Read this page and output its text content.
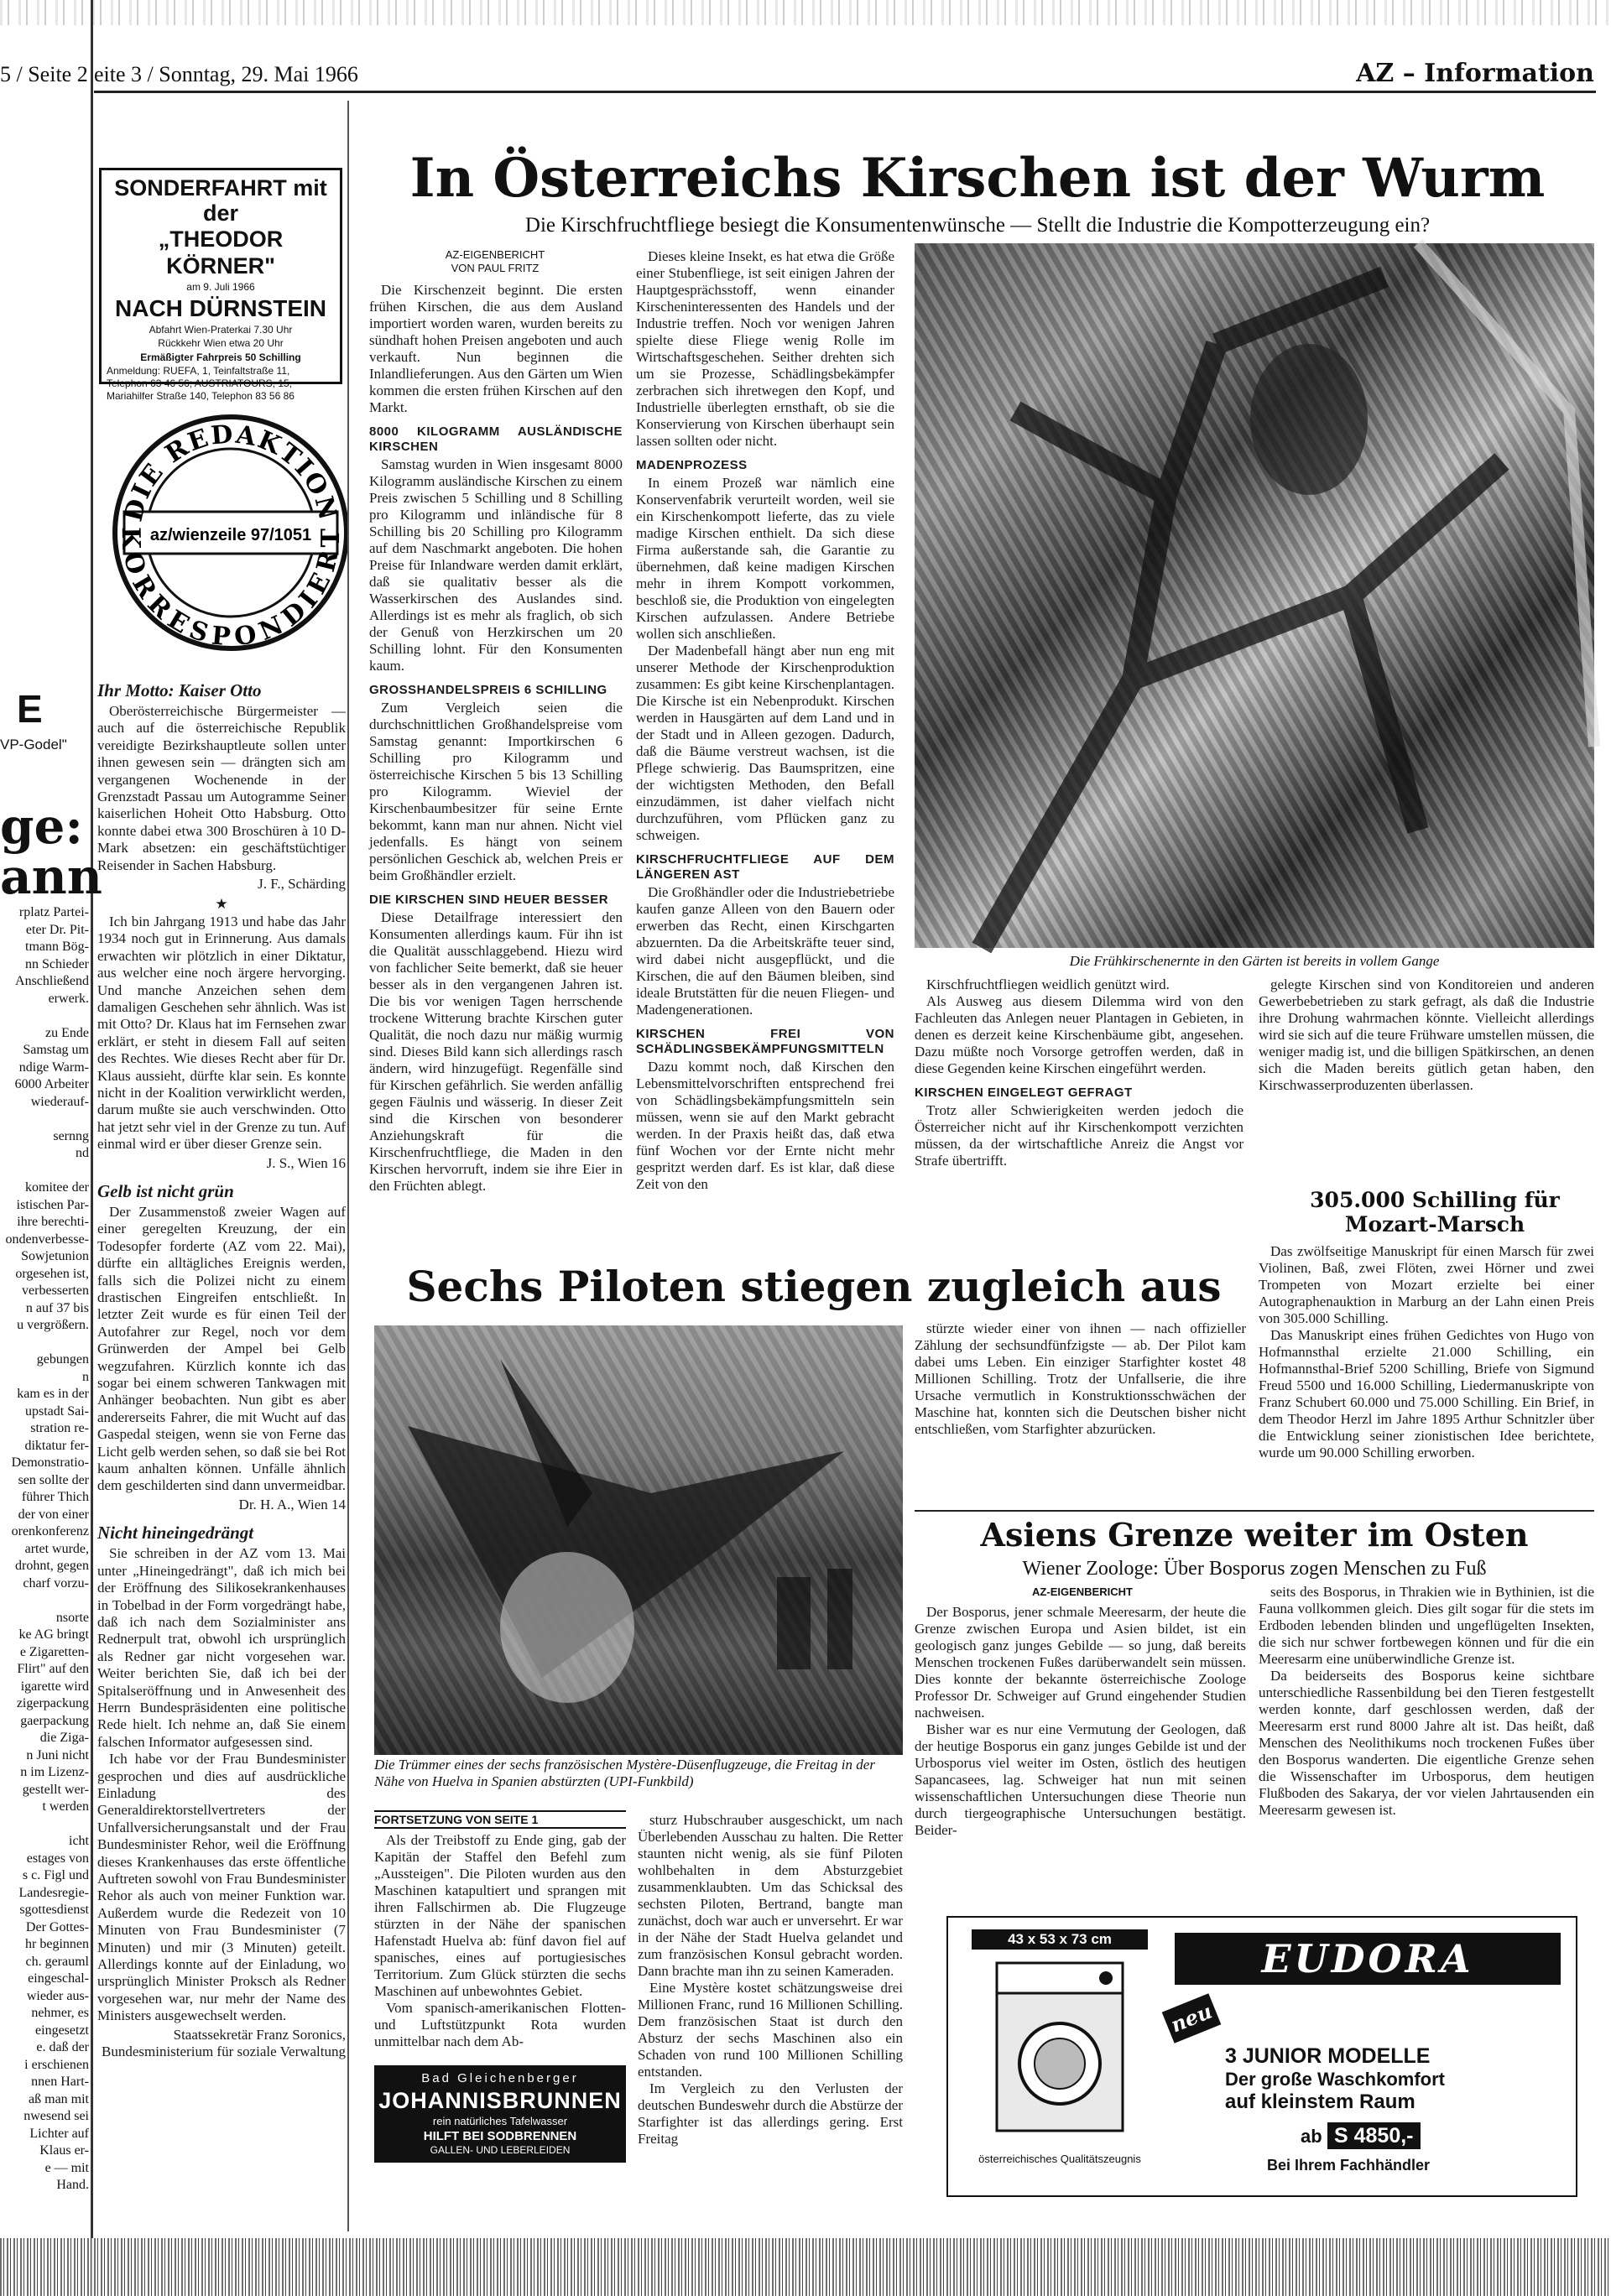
5 / Seite 2 eite 3 / Sonntag, 29. Mai 1966	AZ – Information
E
VP-Godel"
ge:
ann
rplatz Partei-
eter Dr. Pit-
tmann Bög-
nn Schieder
Anschließend
erwerk.
zu Ende
Samstag um
ndige Warm-
6000 Arbeiter
wiederauf-
sernng
nd
komitee der
istischen Par-
ihre berechti-
ondenverbesse-
Sowjetunion
orgesehen ist,
verbesserten
n auf 37 bis
u vergrößern.
gebungen
n
kam es in der
upstadt Sai-
stration re-
diktatur fer-
Demonstratio-
sen sollte der
führer Thich
der von einer
orenkonferenz
artet wurde,
drohnt, gegen
charf vorzu-
nsorte
ke AG bringt
e Zigaretten-
Flirt" auf den
igarette wird
zigerpackung
gaerpackung
die Ziga-
n Juni nicht
n im Lizenz-
gestellt wer-
t werden
icht
estages von
s c. Figl und
Landesregie-
sgottesdienst
Der Gottes-
hr beginnen
ch. gerauml
eingeschal-
wieder aus-
nehmer, es
eingesetzt
e. daß der
i erschienen
nnen Hart-
aß man mit
nwesend sei
Lichter auf
Klaus er-
e — mit
Hand.
SONDERFAHRT mit der
„THEODOR KÖRNER"
am 9. Juli 1966
NACH DÜRNSTEIN
Abfahrt Wien-Praterkai 7.30 Uhr
Rückkehr Wien etwa 20 Uhr
Ermäßigter Fahrpreis 50 Schilling
Anmeldung: RUEFA, 1, Teinfaltstraße 11,
Telephon 63 46 56; AUSTRIATOURS, 15,
Mariahilfer Straße 140, Telephon 83 56 86
DIE REDAKTION
KORRESPONDIERT
az/wienzeile 97/1051
Ihr Motto: Kaiser Otto

Oberösterreichische Bürgermeister — auch auf die österreichische Republik vereidigte Bezirkshauptleute sollen unter ihnen gewesen sein — drängten sich am vergangenen Wochenende in der Grenzstadt Passau um Autogramme Seiner kaiserlichen Hoheit Otto Habsburg. Otto konnte dabei etwa 300 Broschüren à 10 D-Mark absetzen: ein geschäftstüchtiger Reisender in Sachen Habsburg.

J. F., Schärding
★

Ich bin Jahrgang 1913 und habe das Jahr 1934 noch gut in Erinnerung. Aus damals erwachten wir plötzlich in einer Diktatur, aus welcher eine noch ärgere hervorging. Und manche Anzeichen sehen dem damaligen Geschehen sehr ähnlich. Was ist mit Otto? Dr. Klaus hat im Fernsehen zwar erklärt, er steht in diesem Fall auf seiten des Rechtes. Wie dieses Recht aber für Dr. Klaus aussieht, dürfte klar sein. Es konnte nicht in der Koalition verwirklicht werden, darum mußte sie auch verschwinden. Otto hat jetzt sehr viel in der Grenze zu tun. Auf einmal wird er über dieser Grenze sein.

J. S., Wien 16
Gelb ist nicht grün

Der Zusammenstoß zweier Wagen auf einer geregelten Kreuzung, der ein Todesopfer forderte (AZ vom 22. Mai), dürfte ein alltägliches Ereignis werden, falls sich die Polizei nicht zu einem drastischen Eingreifen entschließt. In letzter Zeit wurde es für einen Teil der Autofahrer zur Regel, noch vor dem Grünwerden der Ampel bei Gelb wegzufahren. Kürzlich konnte ich das sogar bei einem schweren Tankwagen mit Anhänger beobachten. Nun gibt es aber andererseits Fahrer, die mit Wucht auf das Gaspedal steigen, wenn sie von Ferne das Licht gelb werden sehen, so daß sie bei Rot kaum anhalten können. Unfälle ähnlich dem geschilderten sind dann unvermeidbar.

Dr. H. A., Wien 14
Nicht hineingedrängt

Sie schreiben in der AZ vom 13. Mai unter „Hineingedrängt", daß ich mich bei der Eröffnung des Silikosekrankenhauses in Tobelbad in der Form vorgedrängt habe, daß ich nach dem Sozialminister ans Rednerpult trat, obwohl ich ursprünglich als Redner gar nicht vorgesehen war. Weiter berichten Sie, daß ich bei der Spitalseröffnung und in Anwesenheit des Herrn Bundespräsidenten eine politische Rede hielt. Ich nehme an, daß Sie einem falschen Informator aufgesessen sind.

Ich habe vor der Frau Bundesminister gesprochen und dies auf ausdrückliche Einladung des Generaldirektorstellvertreters der Unfallversicherungsanstalt und der Frau Bundesminister Rehor, weil die Eröffnung dieses Krankenhauses das erste öffentliche Auftreten sowohl von Frau Bundesminister Rehor als auch von meiner Funktion war. Außerdem wurde die Redezeit von 10 Minuten von Frau Bundesminister (7 Minuten) und mir (3 Minuten) geteilt. Allerdings konnte auf der Einladung, wo ursprünglich Minister Proksch als Redner vorgesehen war, nur mehr der Name des Ministers ausgewechselt werden.

Staatssekretär Franz Soronics, Bundesministerium für soziale Verwaltung
In Österreichs Kirschen ist der Wurm
Die Kirschfruchtfliege besiegt die Konsumentenwünsche — Stellt die Industrie die Kompotterzeugung ein?
AZ-EIGENBERICHT
VON PAUL FRITZ

Die Kirschenzeit beginnt. Die ersten frühen Kirschen, die aus dem Ausland importiert worden waren, wurden bereits zu sündhaft hohen Preisen angeboten und auch verkauft. Nun beginnen die Inlandlieferungen. Aus den Gärten um Wien kommen die ersten frühen Kirschen auf den Markt.

8000 KILOGRAMM AUSLÄNDISCHE KIRSCHEN

Samstag wurden in Wien insgesamt 8000 Kilogramm ausländische Kirschen zu einem Preis zwischen 5 Schilling und 8 Schilling pro Kilogramm und inländische für 8 Schilling bis 20 Schilling pro Kilogramm auf dem Naschmarkt angeboten. Die hohen Preise für Inlandware werden damit erklärt, daß sie qualitativ besser als die Wasserkirschen des Auslandes sind. Allerdings ist es mehr als fraglich, ob sich der Genuß von Herzkirschen um 20 Schilling lohnt. Für den Konsumenten kaum.

GROSSHANDELSPREIS 6 SCHILLING

Zum Vergleich seien die durchschnittlichen Großhandelspreise vom Samstag genannt: Importkirschen 6 Schilling pro Kilogramm und österreichische Kirschen 5 bis 13 Schilling pro Kilogramm. Wieviel der Kirschenbaumbesitzer für seine Ernte bekommt, kann man nur ahnen. Nicht viel jedenfalls. Es hängt von seinem persönlichen Geschick ab, welchen Preis er beim Großhändler erzielt.

DIE KIRSCHEN SIND HEUER BESSER

Diese Detailfrage interessiert den Konsumenten allerdings kaum. Für ihn ist die Qualität ausschlaggebend. Hiezu wird von fachlicher Seite bemerkt, daß sie heuer besser als in den vergangenen Jahren ist. Die bis vor wenigen Tagen herrschende trockene Witterung brachte Kirschen guter Qualität, die noch dazu nur mäßig wurmig sind. Dieses Bild kann sich allerdings rasch ändern, wird hinzugefügt. Regenfälle sind für Kirschen gefährlich. Sie werden anfällig gegen Fäulnis und wässerig. In dieser Zeit sind die Kirschen von besonderer Anziehungskraft für die Kirschenfruchtfliege, die Maden in den Kirschen hervorruft, indem sie ihre Eier in den Früchten ablegt.

Dieses kleine Insekt, es hat etwa die Größe einer Stubenfliege, ist seit einigen Jahren der Hauptgesprächsstoff, wenn einander Kirscheninteressenten des Handels und der Industrie treffen. Noch vor wenigen Jahren spielte diese Fliege wenig Rolle im Wirtschaftsgeschehen. Seither drehten sich um sie Prozesse, Schädlingsbekämpfer zerbrachen sich ihretwegen den Kopf, und Industrielle überlegten ernsthaft, ob sie die Konservierung von Kirschen überhaupt sein lassen sollten oder nicht.

MADENPROZESS

In einem Prozeß war nämlich eine Konservenfabrik verurteilt worden, weil sie ein Kirschenkompott lieferte, das zu viele madige Kirschen enthielt. Da sich diese Firma außerstande sah, die Garantie zu übernehmen, daß keine madigen Kirschen mehr in ihrem Kompott vorkommen, beschloß sie, die Produktion von eingelegten Kirschen aufzulassen. Andere Betriebe wollen sich anschließen.

Der Madenbefall hängt aber nun eng mit unserer Methode der Kirschenproduktion zusammen: Es gibt keine Kirschenplantagen. Die Kirsche ist ein Nebenprodukt. Kirschen werden in Hausgärten auf dem Land und in der Stadt und in Alleen gezogen. Dadurch, daß die Bäume verstreut wachsen, ist die Pflege schwierig. Das Baumspritzen, eine der wichtigsten Methoden, den Befall einzudämmen, ist daher vielfach nicht durchzuführen, vom Pflücken ganz zu schweigen.

KIRSCHFRUCHTFLIEGE AUF DEM LÄNGEREN AST

Die Großhändler oder die Industriebetriebe kaufen ganze Alleen von den Bauern oder erwerben das Recht, einen Kirschgarten abzuernten. Da die Arbeitskräfte teuer sind, wird dabei nicht ausgepflückt, und die Kirschen, die auf den Bäumen bleiben, sind ideale Brutstätten für die neuen Fliegen- und Madengenerationen.

KIRSCHEN FREI VON SCHÄDLINGSBEKÄMPFUNGSMITTELN

Dazu kommt noch, daß Kirschen den Lebensmittelvorschriften entsprechend frei von Schädlingsbekämpfungsmitteln sein müssen, wenn sie auf den Markt gebracht werden. In der Praxis heißt das, daß etwa fünf Wochen vor der Ernte nicht mehr gespritzt werden darf. Es ist klar, daß diese Zeit von den

Die Frühkirschenernte in den Gärten ist bereits in vollem Gange

Kirschfruchtfliegen weidlich genützt wird.

Als Ausweg aus diesem Dilemma wird von den Fachleuten das Anlegen neuer Plantagen in Gebieten, in denen es derzeit keine Kirschenbäume gibt, angesehen. Dazu müßte noch Vorsorge getroffen werden, daß in diese Gegenden keine Kirschen eingeführt werden.

KIRSCHEN EINGELEGT GEFRAGT

Trotz aller Schwierigkeiten werden jedoch die Österreicher nicht auf ihr Kirschenkompott verzichten müssen, da der wirtschaftliche Anreiz die Angst vor Strafe übertrifft.

gelegte Kirschen sind von Konditoreien und anderen Gewerbebetrieben zu stark gefragt, als daß die Industrie ihre Drohung wahrmachen könnte. Vielleicht allerdings wird sie sich auf die teure Frühware umstellen müssen, die weniger madig ist, und die billigen Spätkirschen, an denen sich die Maden bereits gütlich getan haben, den Kirschwasserproduzenten überlassen.

305.000 Schilling für Mozart-Marsch

Das zwölfseitige Manuskript für einen Marsch für zwei Violinen, Baß, zwei Flöten, zwei Hörner und zwei Trompeten von Mozart erzielte bei einer Autographenauktion in Marburg an der Lahn einen Preis von 305.000 Schilling.

Das Manuskript eines frühen Gedichtes von Hugo von Hofmannsthal erzielte 21.000 Schilling, ein Hofmannsthal-Brief 5200 Schilling, Briefe von Sigmund Freud 5500 und 16.000 Schilling, Liedermanuskripte von Franz Schubert 60.000 und 75.000 Schilling. Ein Brief, in dem Theodor Herzl im Jahre 1895 Arthur Schnitzler über die Entwicklung seiner zionistischen Idee berichtete, wurde um 90.000 Schilling erworben.

Sechs Piloten stiegen zugleich aus
Die Trümmer eines der sechs französischen Mystère-Düsenflugzeuge, die Freitag in der Nähe von Huelva in Spanien abstürzten (UPI-Funkbild)
FORTSETZUNG VON SEITE 1

Als der Treibstoff zu Ende ging, gab der Kapitän der Staffel den Befehl zum „Aussteigen". Die Piloten wurden aus den Maschinen katapultiert und sprangen mit ihren Fallschirmen ab. Die Flugzeuge stürzten in der Nähe der spanischen Hafenstadt Huelva ab: fünf davon fiel auf spanisches, eines auf portugiesisches Territorium. Zum Glück stürzten die sechs Maschinen auf unbewohntes Gebiet.

Vom spanisch-amerikanischen Flotten- und Luftstützpunkt Rota wurden unmittelbar nach dem Ab-

sturz Hubschrauber ausgeschickt, um nach Überlebenden Ausschau zu halten. Die Retter staunten nicht wenig, als sie fünf Piloten wohlbehalten in dem Absturzgebiet zusammenklaubten. Um das Schicksal des sechsten Piloten, Bertrand, bangte man zunächst, doch war auch er unversehrt. Er war in der Nähe der Stadt Huelva gelandet und zum französischen Konsul gebracht worden. Dann brachte man ihn zu seinen Kameraden.

Eine Mystère kostet schätzungsweise drei Millionen Franc, rund 16 Millionen Schilling. Dem französischen Staat ist durch den Absturz der sechs Maschinen also ein Schaden von rund 100 Millionen Schilling entstanden.

Im Vergleich zu den Verlusten der deutschen Bundeswehr durch die Abstürze der Starfighter ist das allerdings gering. Erst Freitag

stürzte wieder einer von ihnen — nach offizieller Zählung der sechsundfünfzigste — ab. Der Pilot kam dabei ums Leben. Ein einziger Starfighter kostet 48 Millionen Schilling. Trotz der Unfallserie, die ihre Ursache vermutlich in Konstruktionsschwächen der Maschine hat, konnten sich die Deutschen bisher nicht entschließen, vom Starfighter abzurücken.

Bad Gleichenberger
JOHANNISBRUNNEN
rein natürliches Tafelwasser
HILFT BEI SODBRENNEN
GALLEN- UND LEBERLEIDEN
Asiens Grenze weiter im Osten
Wiener Zoologe: Über Bosporus zogen Menschen zu Fuß
AZ-EIGENBERICHT

Der Bosporus, jener schmale Meeresarm, der heute die Grenze zwischen Europa und Asien bildet, ist ein geologisch ganz junges Gebilde — so jung, daß bereits Menschen trockenen Fußes darüberwandelt sein müssen. Dies konnte der bekannte österreichische Zoologe Professor Dr. Schweiger auf Grund eingehender Studien nachweisen.

Bisher war es nur eine Vermutung der Geologen, daß der heutige Bosporus ein ganz junges Gebilde ist und der Urbosporus viel weiter im Osten, östlich des heutigen Sapancasees, lag. Schweiger hat nun mit seinen wissenschaftlichen Untersuchungen diese Theorie nun durch tiergeographische Untersuchungen bestätigt. Beider-

seits des Bosporus, in Thrakien wie in Bythinien, ist die Fauna vollkommen gleich. Dies gilt sogar für die stets im Erdboden lebenden blinden und ungeflügelten Insekten, die sich nur schwer fortbewegen können und für die ein Meeresarm eine unüberwindliche Grenze ist.

Da beiderseits des Bosporus keine sichtbare unterschiedliche Rassenbildung bei den Tieren festgestellt werden konnte, darf geschlossen werden, daß der Meeresarm erst rund 8000 Jahre alt ist. Das heißt, daß Menschen des Neolithikums noch trockenen Fußes über den Bosporus wanderten. Die eigentliche Grenze sehen die Wissenschafter im Urbosporus, dem heutigen Flußboden des Sakarya, der vor vielen Jahrtausenden ein Meeresarm gewesen ist.

43 x 53 x 73 cm
österreichisches Qualitätszeugnis
EUDORA
neu
3 JUNIOR MODELLE
Der große Waschkomfort
auf kleinstem Raum
ab S 4850,-
Bei Ihrem Fachhändler
